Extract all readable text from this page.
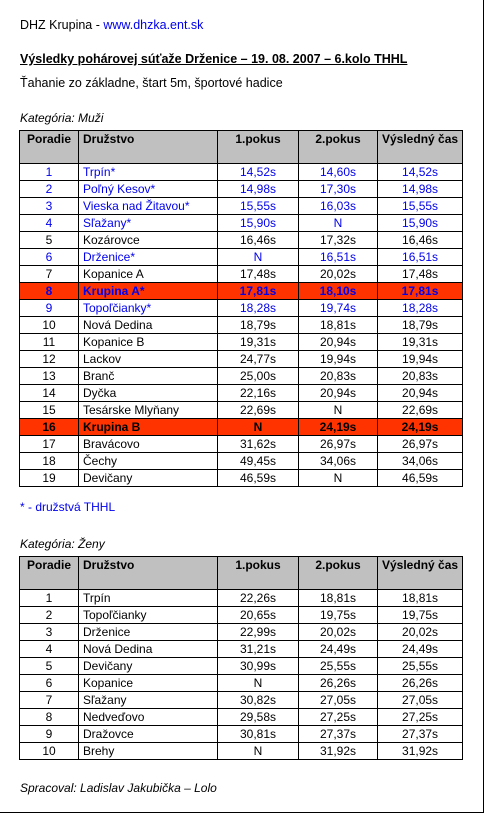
DHZ Krupina - www.dhzka.ent.sk
Výsledky pohárovej súťaže Drženice – 19. 08. 2007 – 6.kolo THHL
Ťahanie zo základne, štart 5m, športové hadice
Kategória: Muži
Poradie	Družstvo	1.pokus	2.pokus	Výsledný čas
1	Trpín*	14,52s	14,60s	14,52s
2	Poľný Kesov*	14,98s	17,30s	14,98s
3	Vieska nad Žitavou*	15,55s	16,03s	15,55s
4	Sľažany*	15,90s	N	15,90s
5	Kozárovce	16,46s	17,32s	16,46s
6	Drženice*	N	16,51s	16,51s
7	Kopanice A	17,48s	20,02s	17,48s
8	Krupina A*	17,81s	18,10s	17,81s
9	Topoľčianky*	18,28s	19,74s	18,28s
10	Nová Dedina	18,79s	18,81s	18,79s
11	Kopanice B	19,31s	20,94s	19,31s
12	Lackov	24,77s	19,94s	19,94s
13	Branč	25,00s	20,83s	20,83s
14	Dyčka	22,16s	20,94s	20,94s
15	Tesárske Mlyňany	22,69s	N	22,69s
16	Krupina B	N	24,19s	24,19s
17	Bravácovo	31,62s	26,97s	26,97s
18	Čechy	49,45s	34,06s	34,06s
19	Devičany	46,59s	N	46,59s
* - družstvá THHL
Kategória: Ženy
Poradie	Družstvo	1.pokus	2.pokus	Výsledný čas
1	Trpín	22,26s	18,81s	18,81s
2	Topoľčianky	20,65s	19,75s	19,75s
3	Drženice	22,99s	20,02s	20,02s
4	Nová Dedina	31,21s	24,49s	24,49s
5	Devičany	30,99s	25,55s	25,55s
6	Kopanice	N	26,26s	26,26s
7	Sľažany	30,82s	27,05s	27,05s
8	Nedveďovo	29,58s	27,25s	27,25s
9	Dražovce	30,81s	27,37s	27,37s
10	Brehy	N	31,92s	31,92s
Spracoval: Ladislav Jakubička – Lolo
